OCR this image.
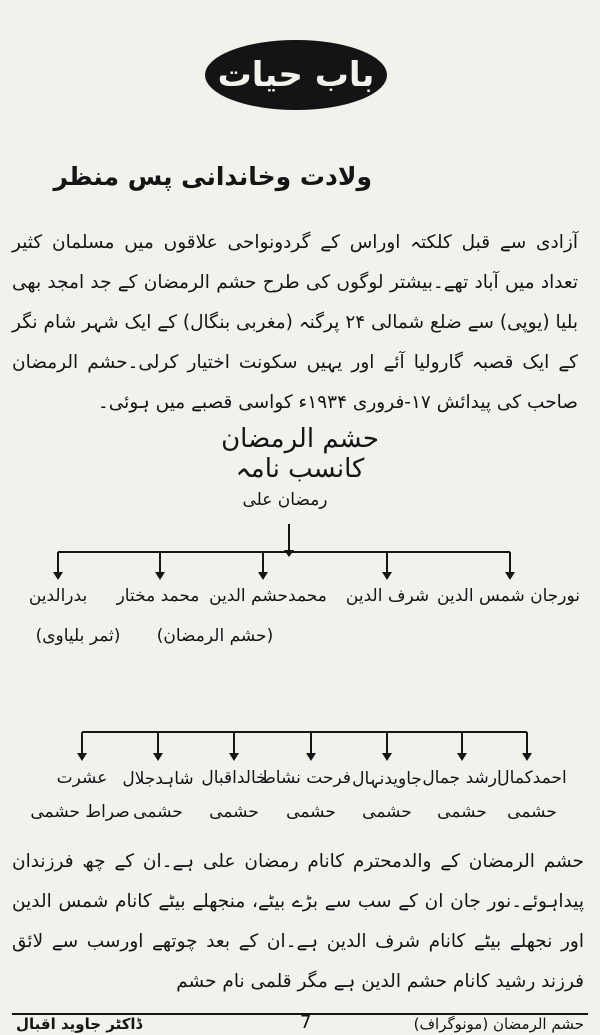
باب حیات
ولادت وخاندانی پس منظر
آزادی سے قبل کلکتہ اوراس کے گردونواحی علاقوں میں مسلمان کثیر تعداد میں آباد تھے۔بیشتر لوگوں کی طرح حشم الرمضان کے جد امجد بھی بلیا (یوپی) سے ضلع شمالی ۲۴ پرگنہ (مغربی بنگال) کے ایک شہر شام نگر کے ایک قصبہ گارولیا آئے اور یہیں سکونت اختیار کرلی۔حشم الرمضان صاحب کی پیدائش ۱۷-فروری ۱۹۳۴ء کواسی قصبے میں ہوئی۔
حشم الرمضان کانسب نامہ
رمضان علی
نورجان شمس الدین
شرف الدین
محمدحشم الدین
محمد مختار
بدرالدین
(حشم الرمضان)
(ثمر بلیاوی)
احمدکمال
حشمی
ارشد جمال
حشمی
جاویدنہال
حشمی
فرحت نشاط
حشمی
خالداقبال
حشمی
شاہدجلال
حشمی
عشرت
صراط حشمی
حشم الرمضان کے والدمحترم کانام رمضان علی ہے۔ان کے چھ فرزندان پیداہوئے۔نور جان ان کے سب سے بڑے بیٹے، منجھلے بیٹے کانام شمس الدین اور نجھلے بیٹے کانام شرف الدین ہے۔ان کے بعد چوتھے اورسب سے لائق فرزند رشید کانام حشم الدین ہے مگر قلمی نام حشم
ڈاکٹر جاوید اقبال	7	حشم الرمضان (مونوگراف)
